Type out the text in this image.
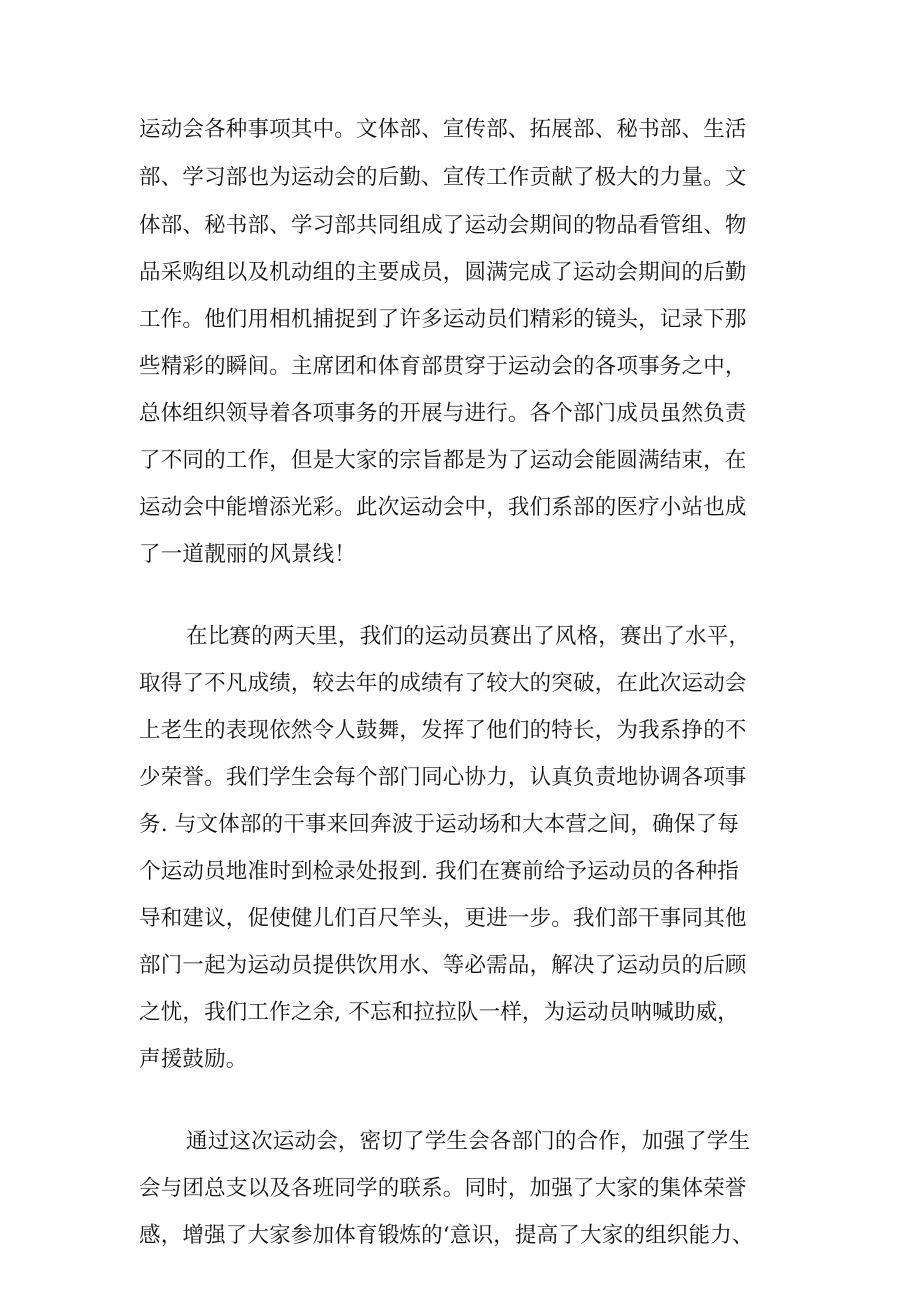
运动会各种事项其中。文体部、宣传部、拓展部、秘书部、生活

部、学习部也为运动会的后勤、宣传工作贡献了极大的力量。文

体部、秘书部、学习部共同组成了运动会期间的物品看管组、物

品采购组以及机动组的主要成员，圆满完成了运动会期间的后勤

工作。他们用相机捕捉到了许多运动员们精彩的镜头，记录下那

些精彩的瞬间。主席团和体育部贯穿于运动会的各项事务之中，

总体组织领导着各项事务的开展与进行。各个部门成员虽然负责

了不同的工作，但是大家的宗旨都是为了运动会能圆满结束，在

运动会中能增添光彩。此次运动会中，我们系部的医疗小站也成

了一道靓丽的风景线！

在比赛的两天里，我们的运动员赛出了风格，赛出了水平，

取得了不凡成绩，较去年的成绩有了较大的突破，在此次运动会

上老生的表现依然令人鼓舞，发挥了他们的特长，为我系挣的不

少荣誉。我们学生会每个部门同心协力，认真负责地协调各项事

务. 与文体部的干事来回奔波于运动场和大本营之间，确保了每

个运动员地准时到检录处报到. 我们在赛前给予运动员的各种指

导和建议，促使健儿们百尺竿头，更进一步。我们部干事同其他

部门一起为运动员提供饮用水、等必需品，解决了运动员的后顾

之忧，我们工作之余, 不忘和拉拉队一样，为运动员呐喊助威，

声援鼓励。

通过这次运动会，密切了学生会各部门的合作，加强了学生

会与团总支以及各班同学的联系。同时，加强了大家的集体荣誉

感，增强了大家参加体育锻炼的‘意识，提高了大家的组织能力、
